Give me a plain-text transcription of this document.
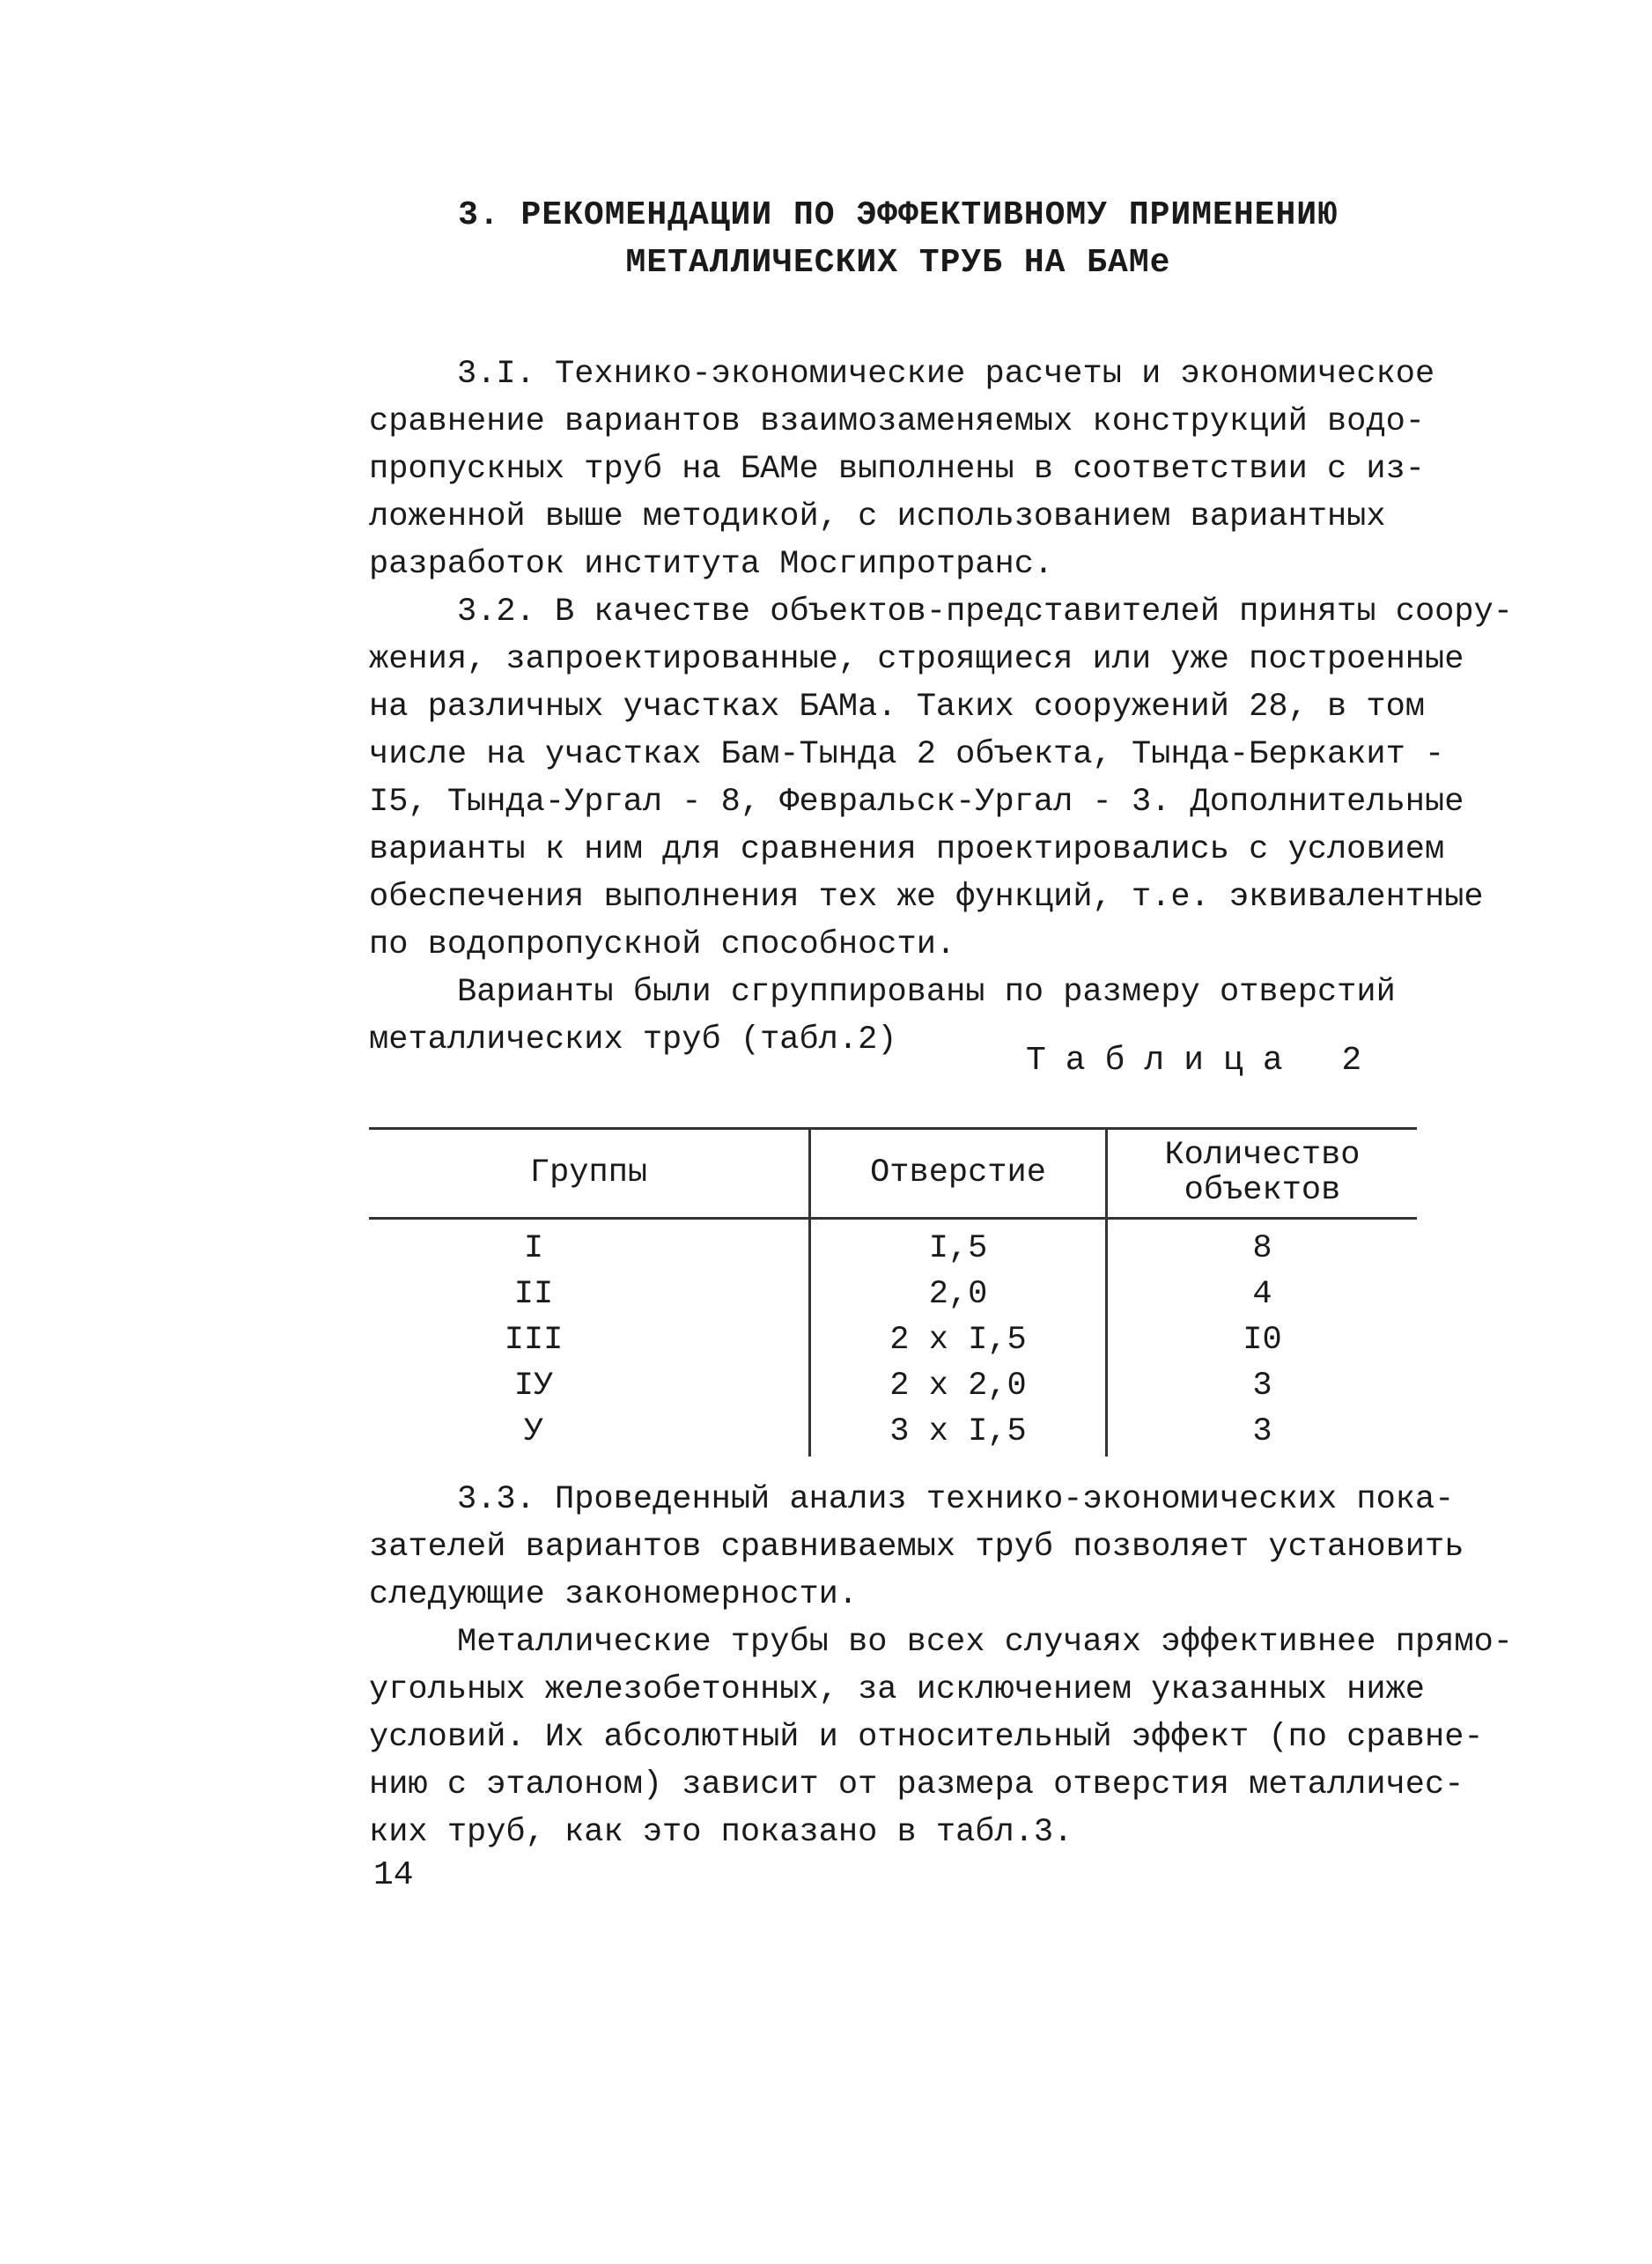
3. РЕКОМЕНДАЦИИ ПО ЭФФЕКТИВНОМУ ПРИМЕНЕНИЮ
МЕТАЛЛИЧЕСКИХ ТРУБ НА БАМе
3.I. Технико-экономические расчеты и экономическое
сравнение вариантов взаимозаменяемых конструкций водо-
пропускных труб на БАМе выполнены в соответствии с из-
ложенной выше методикой, с использованием вариантных
разработок института Мосгипротранс.
3.2. В качестве объектов-представителей приняты соору-
жения, запроектированные, строящиеся или уже построенные
на различных участках БАМа. Таких сооружений 28, в том
числе на участках Бам-Тында 2 объекта, Тында-Беркакит -
I5, Тында-Ургал - 8, Февральск-Ургал - 3. Дополнительные
варианты к ним для сравнения проектировались с условием
обеспечения выполнения тех же функций, т.е. эквивалентные
по водопропускной способности.
Варианты были сгруппированы по размеру отверстий
металлических труб (табл.2)
Таблица 2
Группы	Отверстие	Количество
объектов
I	I,5	8
II	2,0	4
III	2 x I,5	I0
IУ	2 x 2,0	3
У	3 x I,5	3
3.3. Проведенный анализ технико-экономических пока-
зателей вариантов сравниваемых труб позволяет установить
следующие закономерности.
Металлические трубы во всех случаях эффективнее прямо-
угольных железобетонных, за исключением указанных ниже
условий. Их абсолютный и относительный эффект (по сравне-
нию с эталоном) зависит от размера отверстия металличес-
ких труб, как это показано в табл.3.
14
